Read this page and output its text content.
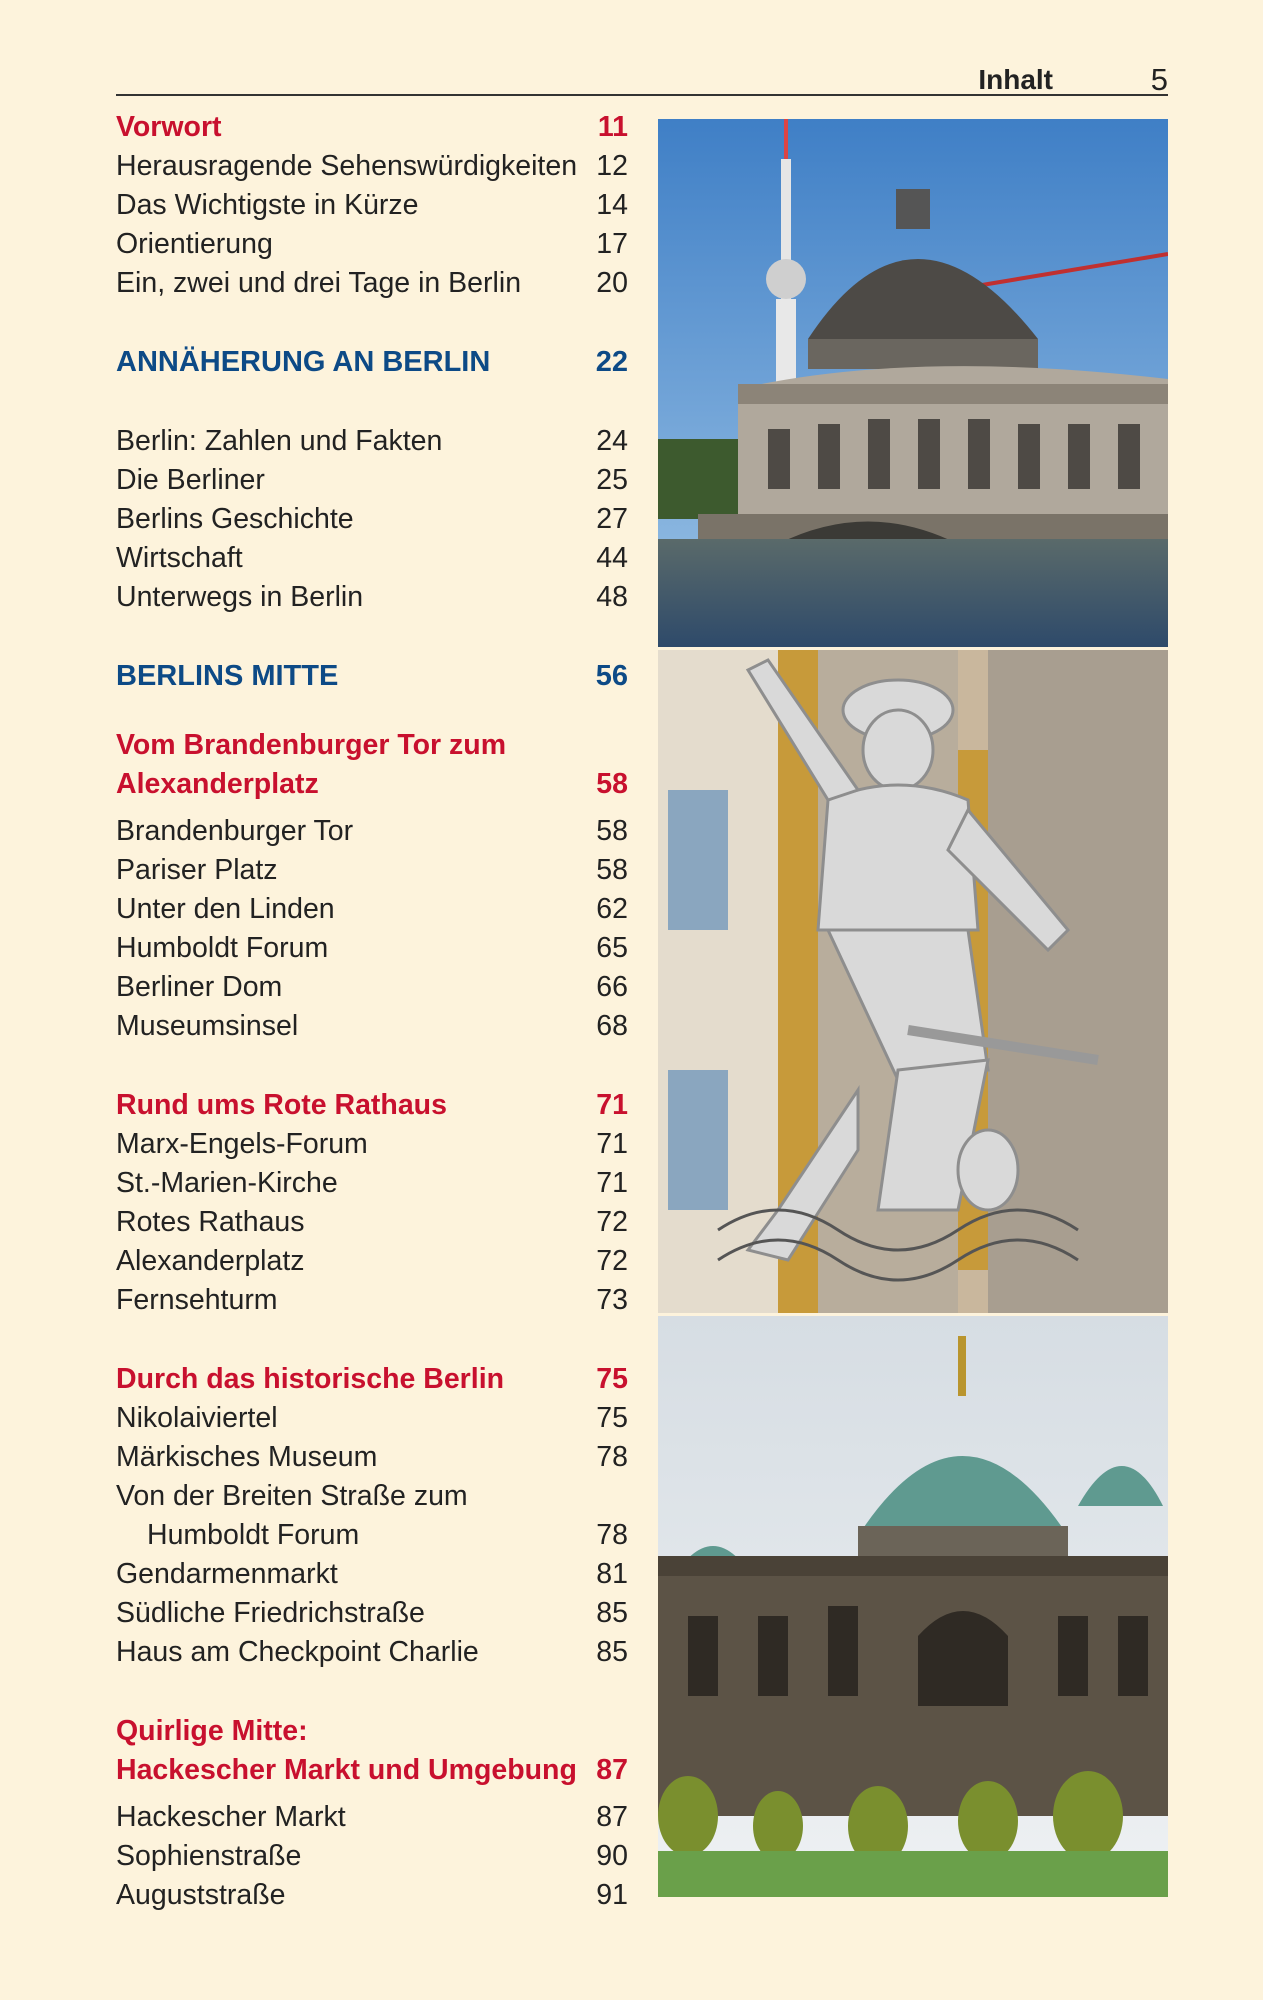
Inhalt	5
Vorwort	11
Herausragende Sehenswürdigkeiten 12
Das Wichtigste in Kürze	14
Orientierung	17
Ein, zwei und drei Tage in Berlin	20
ANNÄHERUNG AN BERLIN	22
Berlin: Zahlen und Fakten	24
Die Berliner	25
Berlins Geschichte	27
Wirtschaft	44
Unterwegs in Berlin	48
BERLINS MITTE	56
Vom Brandenburger Tor zum
Alexanderplatz	58
Brandenburger Tor	58
Pariser Platz	58
Unter den Linden	62
Humboldt Forum	65
Berliner Dom	66
Museumsinsel	68
Rund ums Rote Rathaus	71
Marx-Engels-Forum	71
St.-Marien-Kirche	71
Rotes Rathaus	72
Alexanderplatz	72
Fernsehturm	73
Durch das historische Berlin	75
Nikolaiviertel	75
Märkisches Museum	78
Von der Breiten Straße zum
Humboldt Forum	78
Gendarmenmarkt	81
Südliche Friedrichstraße	85
Haus am Checkpoint Charlie	85
Quirlige Mitte:
Hackescher Markt und Umgebung 87
Hackescher Markt	87
Sophienstraße	90
Auguststraße	91
